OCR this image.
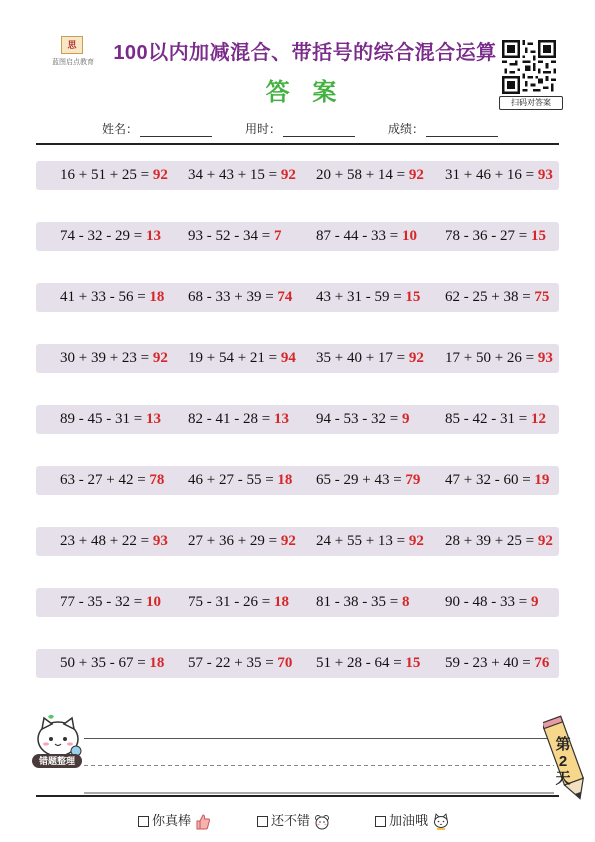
思
蓝图启点教育 100以内加减混合、带括号的综合混合运算
答 案	扫码对答案
姓名：	用时：	成绩：
16 + 51 + 25 = 92 34 + 43 + 15 = 92 20 + 58 + 14 = 92 31 + 46 + 16 = 93
74 - 32 - 29 = 13 93 - 52 - 34 = 7 87 - 44 - 33 = 10 78 - 36 - 27 = 15
41 + 33 - 56 = 18 68 - 33 + 39 = 74 43 + 31 - 59 = 15 62 - 25 + 38 = 75
30 + 39 + 23 = 92 19 + 54 + 21 = 94 35 + 40 + 17 = 92 17 + 50 + 26 = 93
89 - 45 - 31 = 13 82 - 41 - 28 = 13 94 - 53 - 32 = 9 85 - 42 - 31 = 12
63 - 27 + 42 = 78 46 + 27 - 55 = 18 65 - 29 + 43 = 79 47 + 32 - 60 = 19
23 + 48 + 22 = 93 27 + 36 + 29 = 92 24 + 55 + 13 = 92 28 + 39 + 25 = 92
77 - 35 - 32 = 10 75 - 31 - 26 = 18 81 - 38 - 35 = 8 90 - 48 - 33 = 9
50 + 35 - 67 = 18 57 - 22 + 35 = 70 51 + 28 - 64 = 15 59 - 23 + 40 = 76
错题整理
第2天
你真棒	还不错	加油哦
